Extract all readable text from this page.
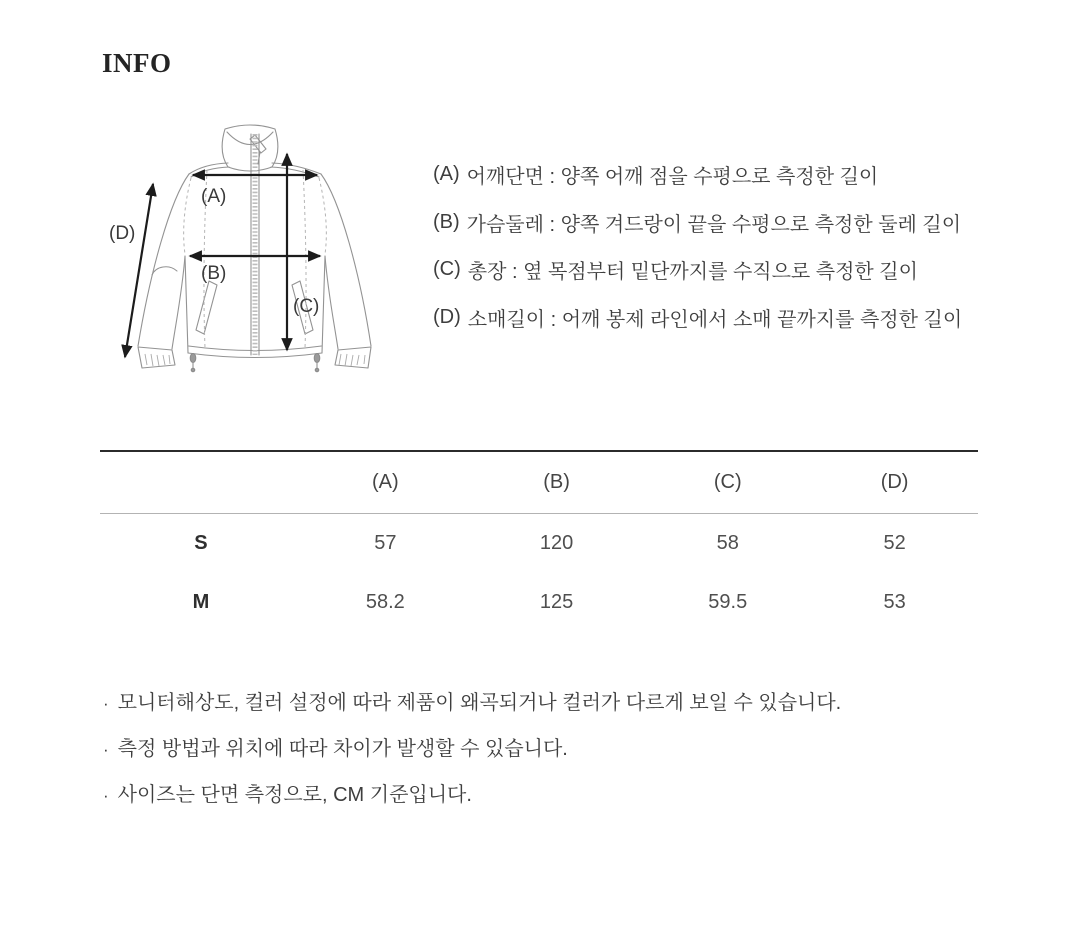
INFO
(A)
(B)
(C)
(D)
(A) 어깨단면 : 양쪽 어깨 점을 수평으로 측정한 길이
(B) 가슴둘레 : 양쪽 겨드랑이 끝을 수평으로 측정한 둘레 길이
(C) 총장 : 옆 목점부터 밑단까지를 수직으로 측정한 길이
(D) 소매길이 : 어깨 봉제 라인에서 소매 끝까지를 측정한 길이
	(A)	(B)	(C)	(D)
S	57	120	58	52
M	58.2	125	59.5	53
· 모니터해상도, 컬러 설정에 따라 제품이 왜곡되거나 컬러가 다르게 보일 수 있습니다.
· 측정 방법과 위치에 따라 차이가 발생할 수 있습니다.
· 사이즈는 단면 측정으로, CM 기준입니다.
